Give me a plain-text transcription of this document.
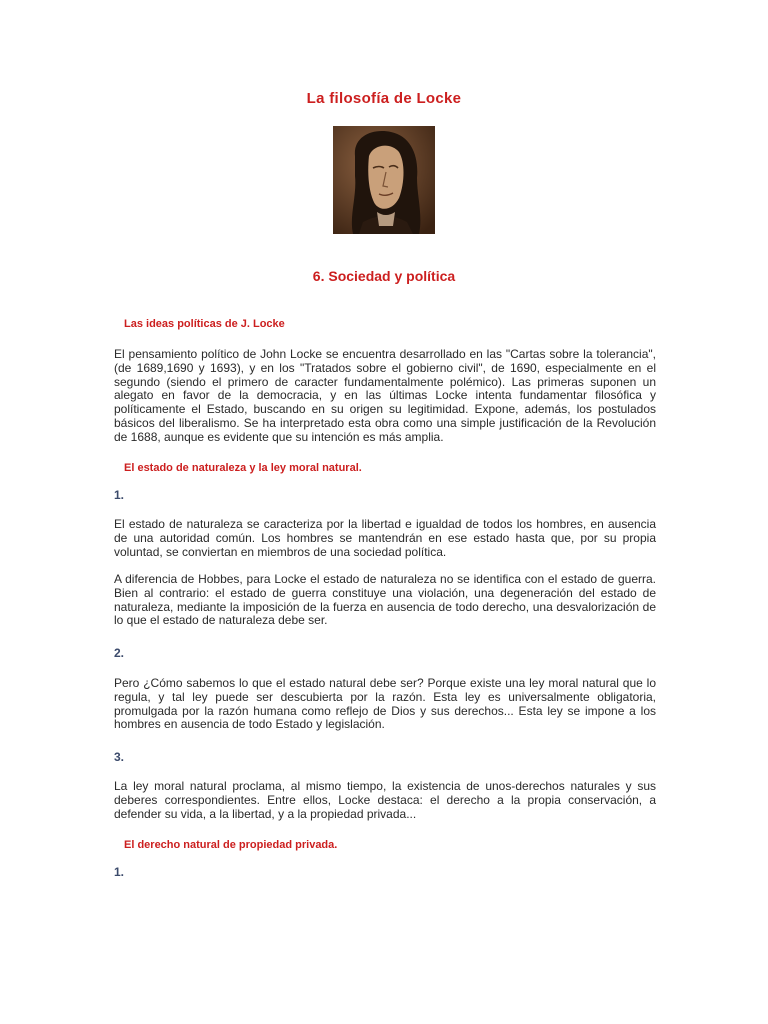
La filosofía de Locke
6. Sociedad y política
Las ideas políticas de J. Locke

El pensamiento político de John Locke se encuentra desarrollado en las "Cartas sobre la tolerancia", (de 1689,1690 y 1693), y en los "Tratados sobre el gobierno civil", de 1690, especialmente en el segundo (siendo el primero de caracter fundamentalmente polémico). Las primeras suponen un alegato en favor de la democracia, y en las últimas Locke intenta fundamentar filosófica y políticamente el Estado, buscando en su origen su legitimidad. Expone, además, los postulados básicos del liberalismo. Se ha interpretado esta obra como una simple justificación de la Revolución de 1688, aunque es evidente que su intención es más amplia.

El estado de naturaleza y la ley moral natural.
1.

El estado de naturaleza se caracteriza por la libertad e igualdad de todos los hombres, en ausencia de una autoridad común. Los hombres se mantendrán en ese estado hasta que, por su propia voluntad, se conviertan en miembros de una sociedad política.

A diferencia de Hobbes, para Locke el estado de naturaleza no se identifica con el estado de guerra. Bien al contrario: el estado de guerra constituye una violación, una degeneración del estado de naturaleza, mediante la imposición de la fuerza en ausencia de todo derecho, una desvalorización de lo que el estado de naturaleza debe ser.

2.

Pero ¿Cómo sabemos lo que el estado natural debe ser? Porque existe una ley moral natural que lo regula, y tal ley puede ser descubierta por la razón. Esta ley es universalmente obligatoria, promulgada por la razón humana como reflejo de Dios y sus derechos... Esta ley se impone a los hombres en ausencia de todo Estado y legislación.

3.

La ley moral natural proclama, al mismo tiempo, la existencia de unos-derechos naturales y sus deberes correspondientes. Entre ellos, Locke destaca: el derecho a la propia conservación, a defender su vida, a la libertad, y a la propiedad privada...

El derecho natural de propiedad privada.
1.
